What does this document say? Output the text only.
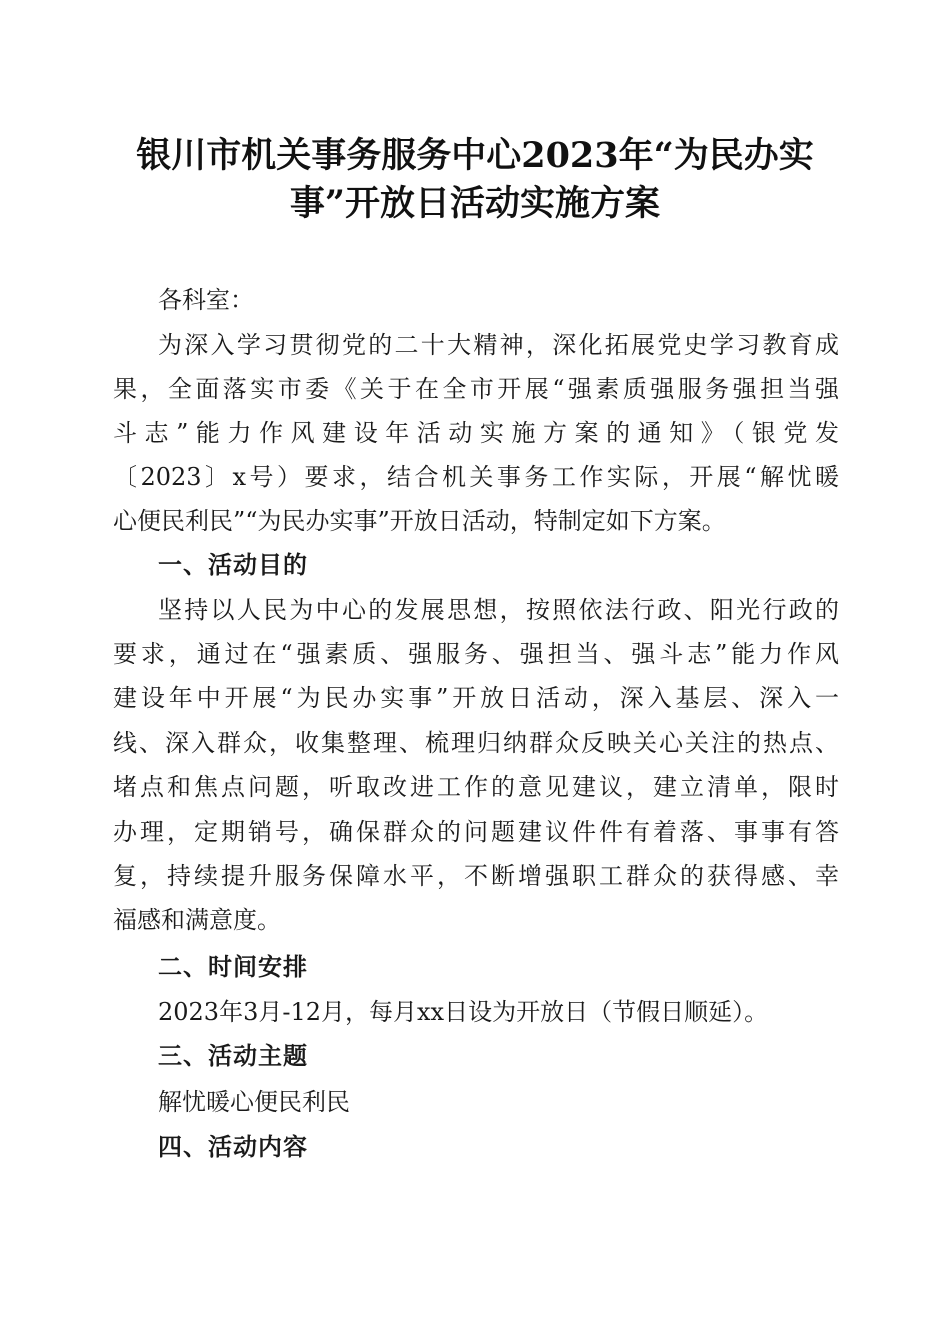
银川市机关事务服务中心2023年“为民办实
事”开放日活动实施方案
各科室：
为深入学习贯彻党的二十大精神，深化拓展党史学习教育成
果，全面落实市委《关于在全市开展“强素质强服务强担当强
斗志”能力作风建设年活动实施方案的通知》（银党发
〔2023〕x号）要求，结合机关事务工作实际，开展“解忧暖
心便民利民”“为民办实事”开放日活动，特制定如下方案。
一、活动目的
坚持以人民为中心的发展思想，按照依法行政、阳光行政的
要求，通过在“强素质、强服务、强担当、强斗志”能力作风
建设年中开展“为民办实事”开放日活动，深入基层、深入一
线、深入群众，收集整理、梳理归纳群众反映关心关注的热点、
堵点和焦点问题，听取改进工作的意见建议，建立清单，限时
办理，定期销号，确保群众的问题建议件件有着落、事事有答
复，持续提升服务保障水平，不断增强职工群众的获得感、幸
福感和满意度。
二、时间安排
2023年3月-12月，每月xx日设为开放日（节假日顺延）。
三、活动主题
解忧暖心便民利民
四、活动内容
